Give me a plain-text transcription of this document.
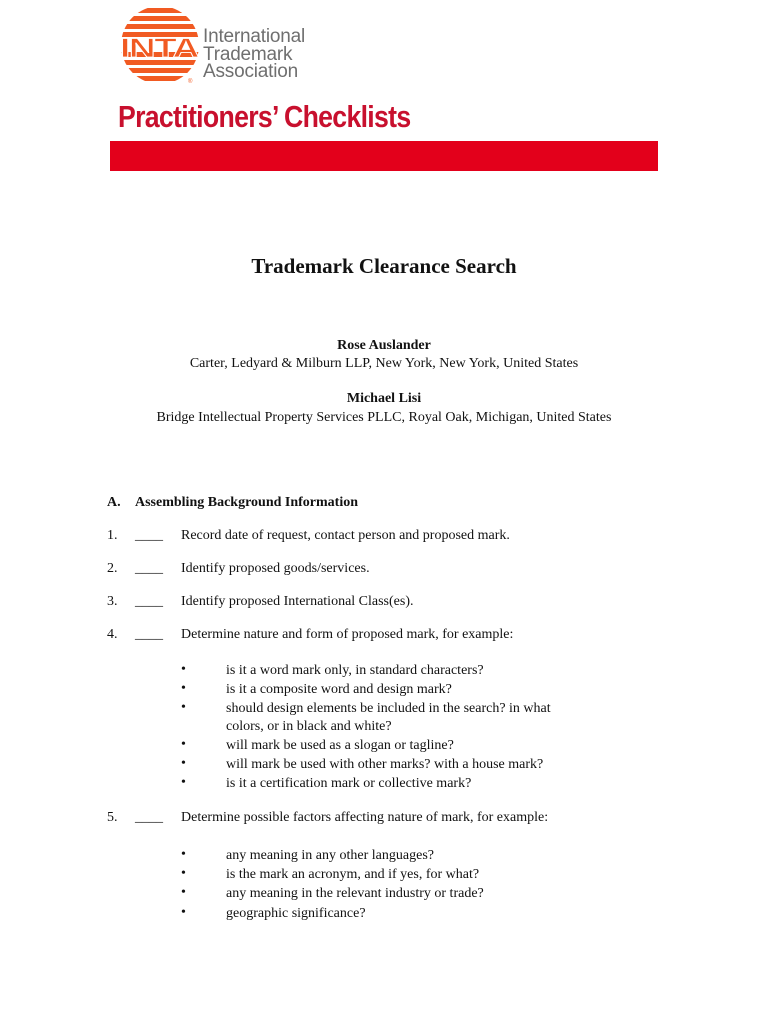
INTA
®
International
Trademark
Association
Practitioners’ Checklists
Trademark Clearance Search
Rose Auslander
Carter, Ledyard & Milburn LLP, New York, New York, United States
Michael Lisi
Bridge Intellectual Property Services PLLC, Royal Oak, Michigan, United States
A. Assembling Background Information
1. ____ Record date of request, contact person and proposed mark.
2. ____ Identify proposed goods/services.
3. ____ Identify proposed International Class(es).
4. ____ Determine nature and form of proposed mark, for example:
•	is it a word mark only, in standard characters?
•	is it a composite word and design mark?
•	should design elements be included in the search? in what
colors, or in black and white?
•	will mark be used as a slogan or tagline?
•	will mark be used with other marks? with a house mark?
•	is it a certification mark or collective mark?
5. ____ Determine possible factors affecting nature of mark, for example:
•	any meaning in any other languages?
•	is the mark an acronym, and if yes, for what?
•	any meaning in the relevant industry or trade?
•	geographic significance?
